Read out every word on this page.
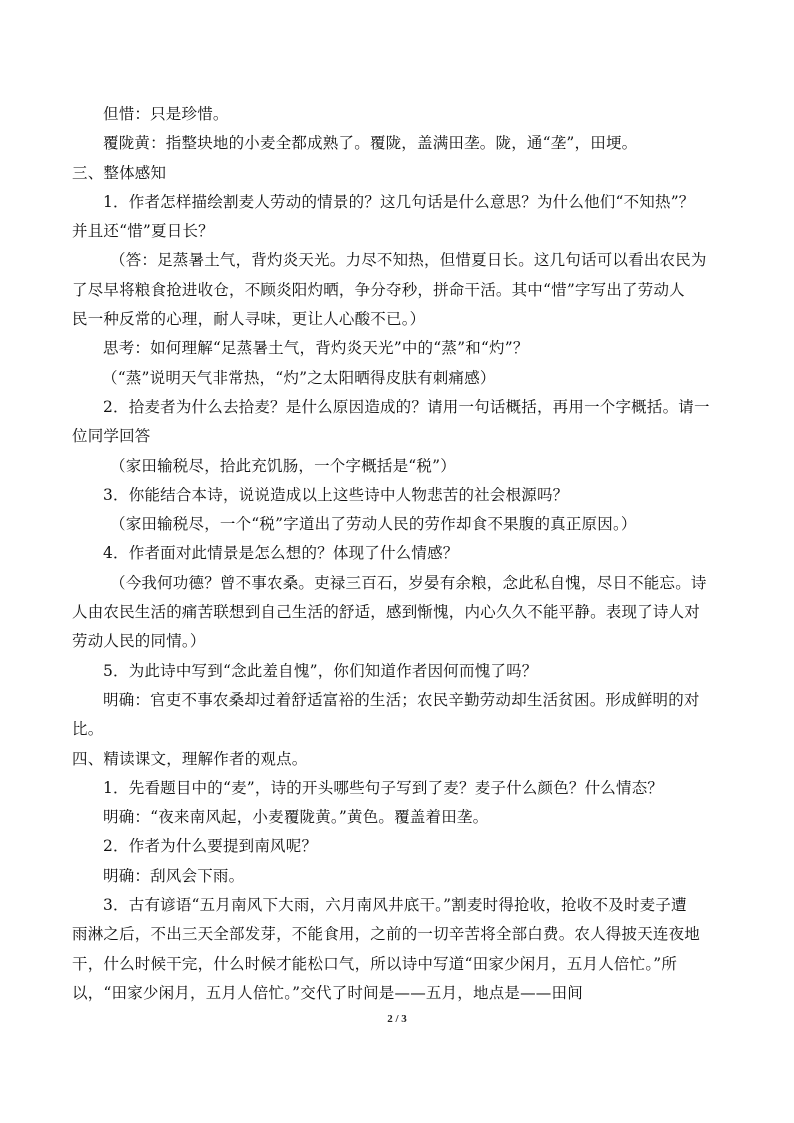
但惜：只是珍惜。
覆陇黄：指整块地的小麦全都成熟了。覆陇，盖满田垄。陇，通“垄”，田埂。
三、整体感知
1．作者怎样描绘割麦人劳动的情景的？这几句话是什么意思？为什么他们“不知热”？
并且还“惜”夏日长？
（答：足蒸暑土气，背灼炎天光。力尽不知热，但惜夏日长。这几句话可以看出农民为
了尽早将粮食抢进收仓，不顾炎阳灼晒，争分夺秒，拼命干活。其中“惜”字写出了劳动人
民一种反常的心理，耐人寻味，更让人心酸不已。）
思考：如何理解“足蒸暑土气，背灼炎天光”中的“蒸”和“灼”？
（“蒸”说明天气非常热，“灼”之太阳晒得皮肤有刺痛感）
2．拾麦者为什么去拾麦？是什么原因造成的？请用一句话概括，再用一个字概括。请一
位同学回答
（家田输税尽，拾此充饥肠，一个字概括是“税”）
3．你能结合本诗，说说造成以上这些诗中人物悲苦的社会根源吗？
（家田输税尽，一个“税”字道出了劳动人民的劳作却食不果腹的真正原因。）
4．作者面对此情景是怎么想的？体现了什么情感？
（今我何功德？曾不事农桑。吏禄三百石，岁晏有余粮，念此私自愧，尽日不能忘。诗
人由农民生活的痛苦联想到自己生活的舒适，感到惭愧，内心久久不能平静。表现了诗人对
劳动人民的同情。）
5．为此诗中写到“念此羞自愧”，你们知道作者因何而愧了吗？
明确：官吏不事农桑却过着舒适富裕的生活；农民辛勤劳动却生活贫困。形成鲜明的对
比。
四、精读课文，理解作者的观点。
1．先看题目中的“麦”，诗的开头哪些句子写到了麦？麦子什么颜色？什么情态？
明确：“夜来南风起，小麦覆陇黄。”黄色。覆盖着田垄。
2．作者为什么要提到南风呢？
明确：刮风会下雨。
3．古有谚语“五月南风下大雨，六月南风井底干。”割麦时得抢收，抢收不及时麦子遭
雨淋之后，不出三天全部发芽，不能食用，之前的一切辛苦将全部白费。农人得披天连夜地
干，什么时候干完，什么时候才能松口气，所以诗中写道“田家少闲月，五月人倍忙。”所
以，“田家少闲月，五月人倍忙。”交代了时间是——五月，地点是——田间
2 / 3
